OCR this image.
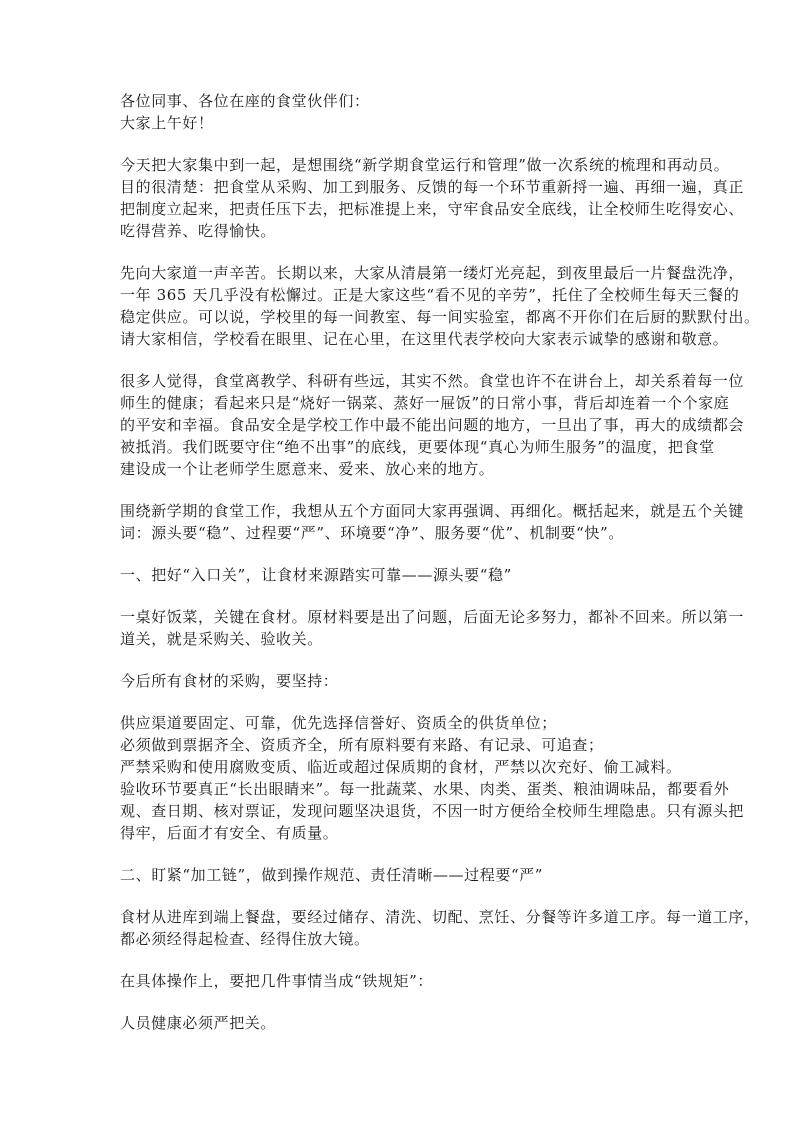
各位同事、各位在座的食堂伙伴们：
大家上午好！
今天把大家集中到一起，是想围绕“新学期食堂运行和管理”做一次系统的梳理和再动员。
目的很清楚：把食堂从采购、加工到服务、反馈的每一个环节重新捋一遍、再细一遍，真正
把制度立起来，把责任压下去，把标准提上来，守牢食品安全底线，让全校师生吃得安心、
吃得营养、吃得愉快。
先向大家道一声辛苦。长期以来，大家从清晨第一缕灯光亮起，到夜里最后一片餐盘洗净，
一年 365 天几乎没有松懈过。正是大家这些“看不见的辛劳”，托住了全校师生每天三餐的
稳定供应。可以说，学校里的每一间教室、每一间实验室，都离不开你们在后厨的默默付出。
请大家相信，学校看在眼里、记在心里，在这里代表学校向大家表示诚挚的感谢和敬意。
很多人觉得，食堂离教学、科研有些远，其实不然。食堂也许不在讲台上，却关系着每一位
师生的健康；看起来只是“烧好一锅菜、蒸好一屉饭”的日常小事，背后却连着一个个家庭
的平安和幸福。食品安全是学校工作中最不能出问题的地方，一旦出了事，再大的成绩都会
被抵消。我们既要守住“绝不出事”的底线，更要体现“真心为师生服务”的温度，把食堂
建设成一个让老师学生愿意来、爱来、放心来的地方。
围绕新学期的食堂工作，我想从五个方面同大家再强调、再细化。概括起来，就是五个关键
词：源头要“稳”、过程要“严”、环境要“净”、服务要“优”、机制要“快”。
一、把好“入口关”，让食材来源踏实可靠——源头要“稳”
一桌好饭菜，关键在食材。原材料要是出了问题，后面无论多努力，都补不回来。所以第一
道关，就是采购关、验收关。
今后所有食材的采购，要坚持：
供应渠道要固定、可靠，优先选择信誉好、资质全的供货单位；
必须做到票据齐全、资质齐全，所有原料要有来路、有记录、可追查；
严禁采购和使用腐败变质、临近或超过保质期的食材，严禁以次充好、偷工减料。
验收环节要真正“长出眼睛来”。每一批蔬菜、水果、肉类、蛋类、粮油调味品，都要看外
观、查日期、核对票证，发现问题坚决退货，不因一时方便给全校师生埋隐患。只有源头把
得牢，后面才有安全、有质量。
二、盯紧“加工链”，做到操作规范、责任清晰——过程要“严”
食材从进库到端上餐盘，要经过储存、清洗、切配、烹饪、分餐等许多道工序。每一道工序，
都必须经得起检查、经得住放大镜。
在具体操作上，要把几件事情当成“铁规矩”：
人员健康必须严把关。
